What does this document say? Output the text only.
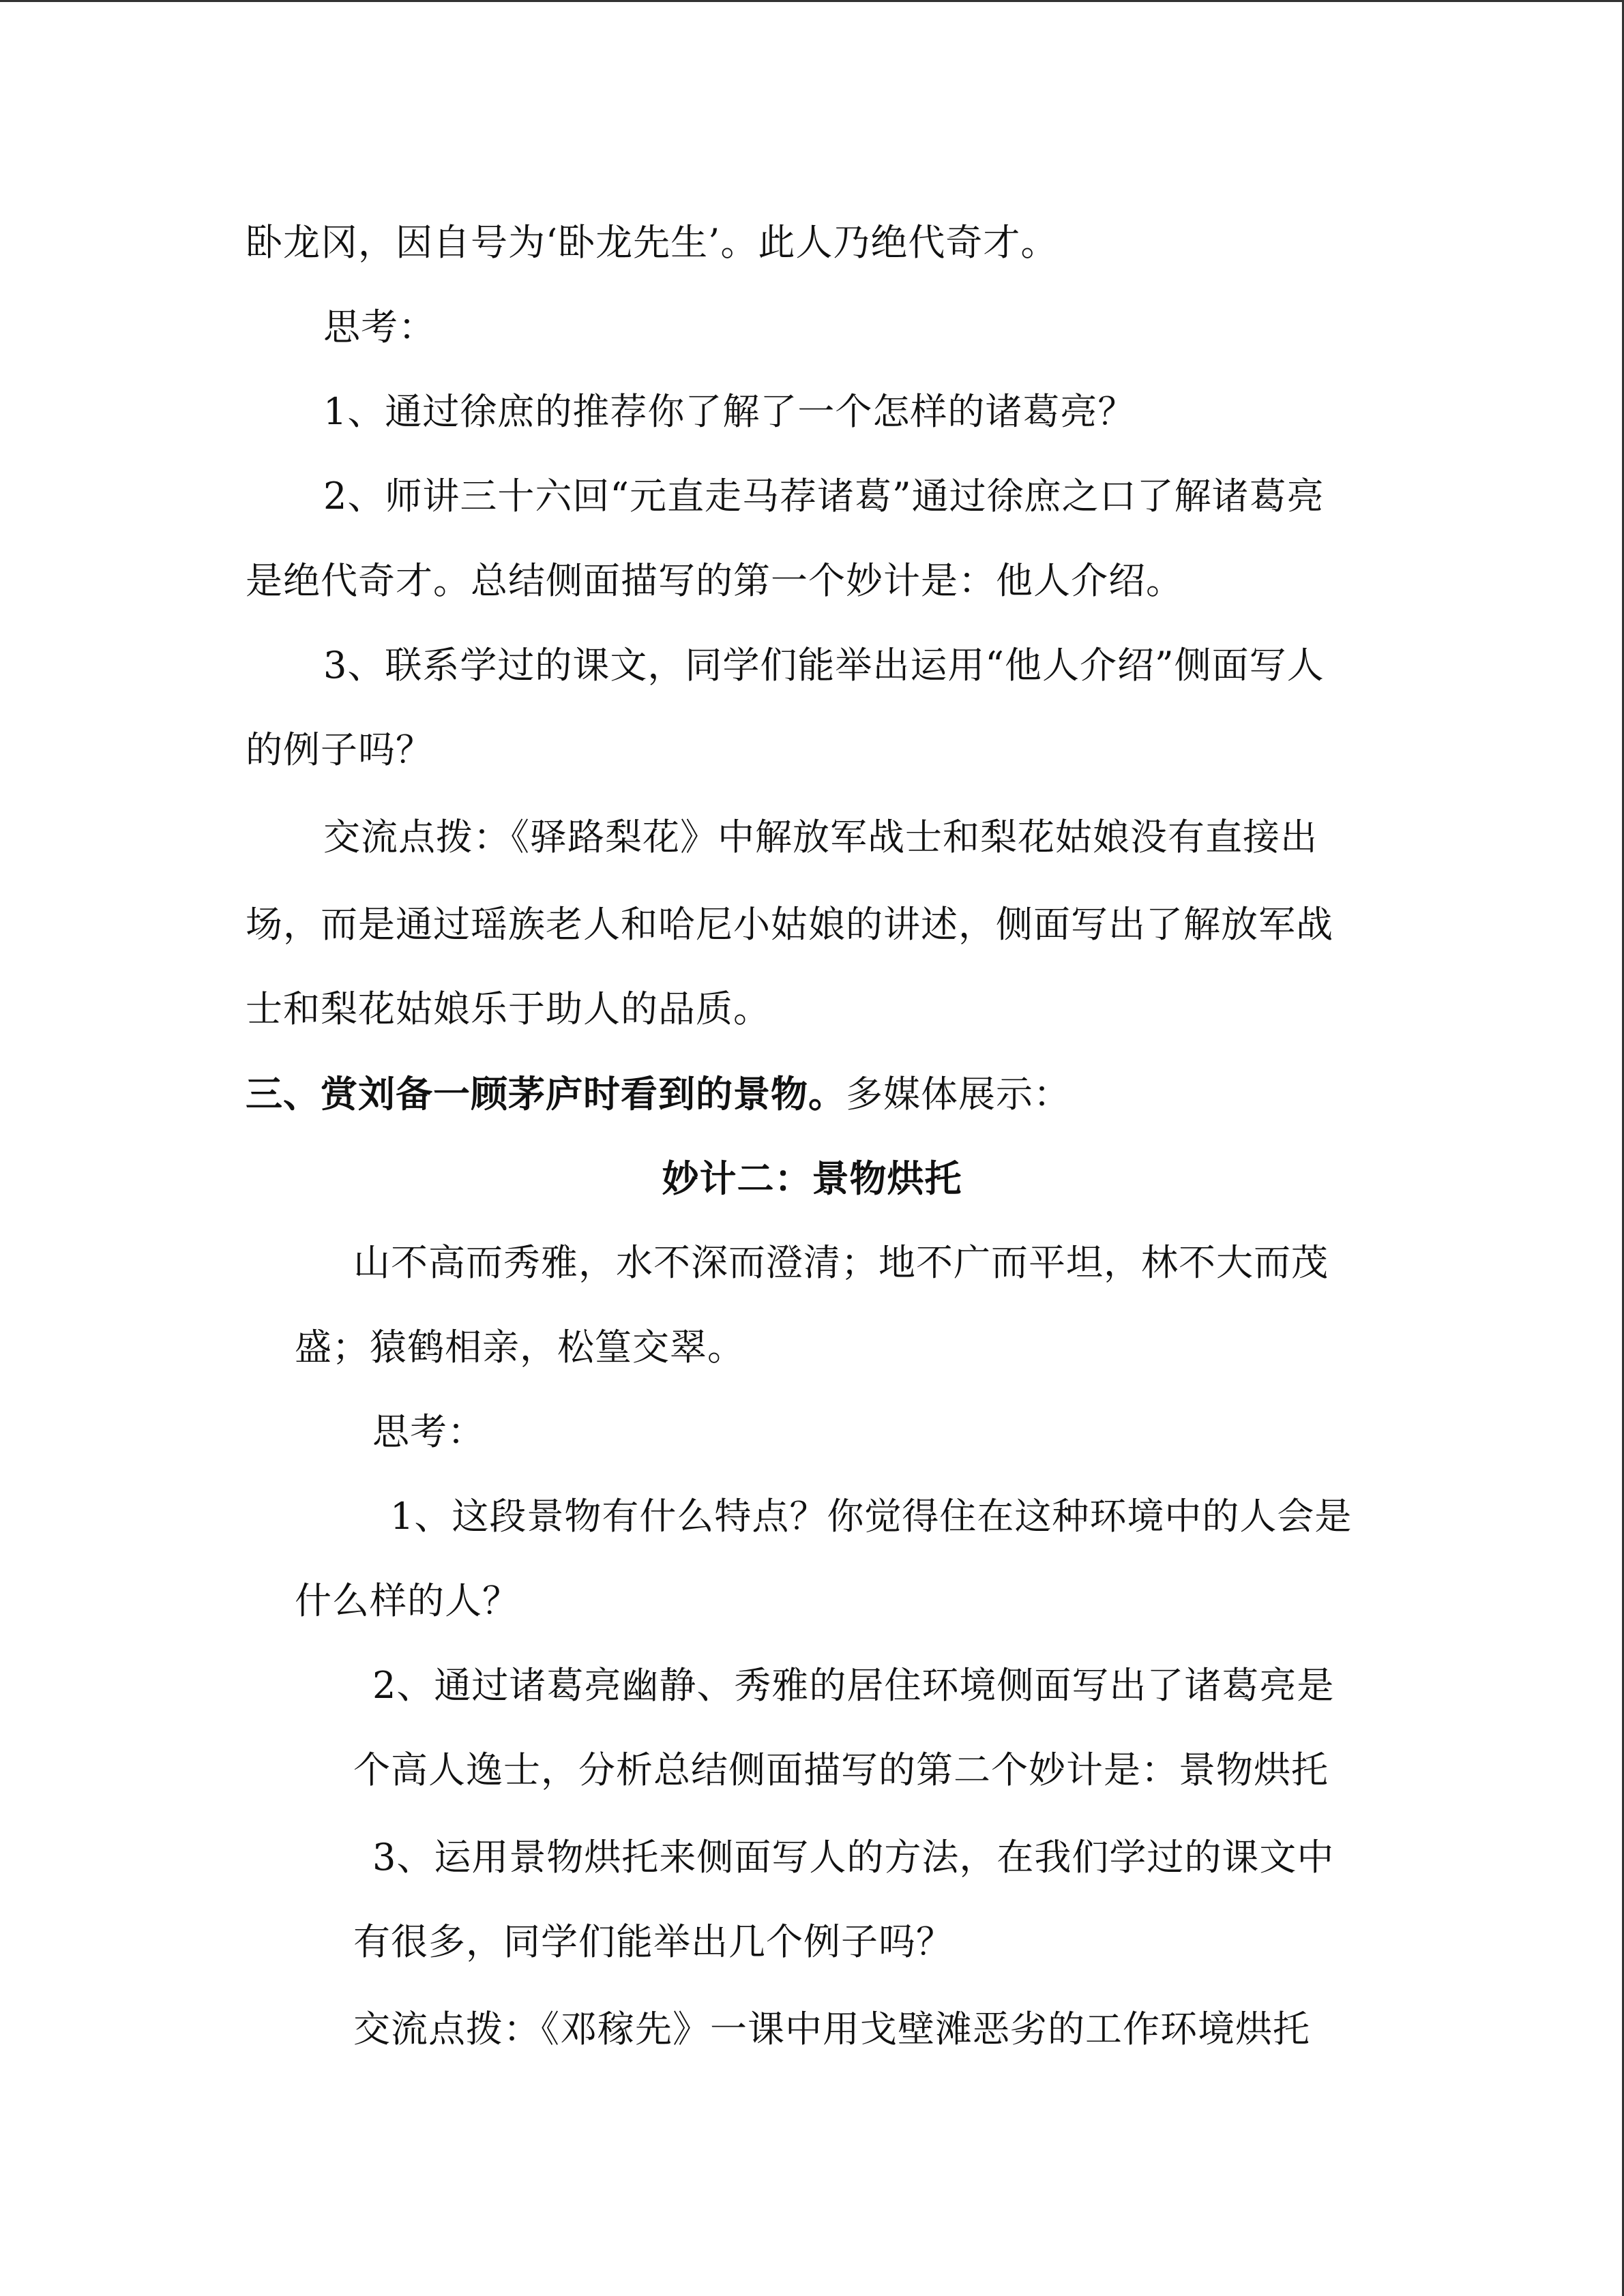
卧龙冈，因自号为‘卧龙先生’。此人乃绝代奇才。
思考：
1、通过徐庶的推荐你了解了一个怎样的诸葛亮？
2、师讲三十六回“元直走马荐诸葛”通过徐庶之口了解诸葛亮
是绝代奇才。总结侧面描写的第一个妙计是：他人介绍。
3、联系学过的课文，同学们能举出运用“他人介绍”侧面写人
的例子吗？
交流点拨：《驿路梨花》中解放军战士和梨花姑娘没有直接出
场，而是通过瑶族老人和哈尼小姑娘的讲述，侧面写出了解放军战
士和梨花姑娘乐于助人的品质。
三、赏刘备一顾茅庐时看到的景物。多媒体展示：
妙计二：景物烘托
山不高而秀雅，水不深而澄清；地不广而平坦，林不大而茂
盛；猿鹤相亲，松篁交翠。
思考：
1、这段景物有什么特点？你觉得住在这种环境中的人会是
什么样的人？
2、通过诸葛亮幽静、秀雅的居住环境侧面写出了诸葛亮是
个高人逸士，分析总结侧面描写的第二个妙计是：景物烘托
3、运用景物烘托来侧面写人的方法，在我们学过的课文中
有很多，同学们能举出几个例子吗？
交流点拨：《邓稼先》一课中用戈壁滩恶劣的工作环境烘托
